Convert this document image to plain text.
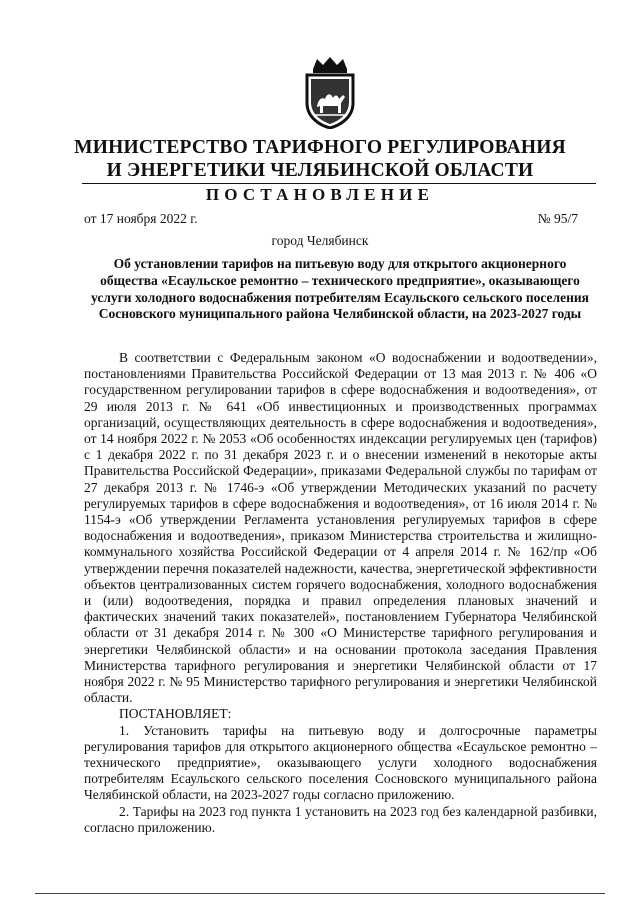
МИНИСТЕРСТВО ТАРИФНОГО РЕГУЛИРОВАНИЯ
И ЭНЕРГЕТИКИ ЧЕЛЯБИНСКОЙ ОБЛАСТИ
ПОСТАНОВЛЕНИЕ
от 17 ноября 2022 г.	№ 95/7
город Челябинск
Об установлении тарифов на питьевую воду для открытого акционерного общества «Есаульское ремонтно – технического предприятие», оказывающего услуги холодного водоснабжения потребителям Есаульского сельского поселения Сосновского муниципального района Челябинской области, на 2023-2027 годы

В соответствии с Федеральным законом «О водоснабжении и водоотведении», постановлениями Правительства Российской Федерации от 13 мая 2013 г. № 406 «О государственном регулировании тарифов в сфере водоснабжения и водоотведения», от 29 июля 2013 г. № 641 «Об инвестиционных и производственных программах организаций, осуществляющих деятельность в сфере водоснабжения и водоотведения», от 14 ноября 2022 г. № 2053 «Об особенностях индексации регулируемых цен (тарифов) с 1 декабря 2022 г. по 31 декабря 2023 г. и о внесении изменений в некоторые акты Правительства Российской Федерации», приказами Федеральной службы по тарифам от 27 декабря 2013 г. № 1746-э «Об утверждении Методических указаний по расчету регулируемых тарифов в сфере водоснабжения и водоотведения», от 16 июля 2014 г. № 1154-э «Об утверждении Регламента установления регулируемых тарифов в сфере водоснабжения и водоотведения», приказом Министерства строительства и жилищно-коммунального хозяйства Российской Федерации от 4 апреля 2014 г. № 162/пр «Об утверждении перечня показателей надежности, качества, энергетической эффективности объектов централизованных систем горячего водоснабжения, холодного водоснабжения и (или) водоотведения, порядка и правил определения плановых значений и фактических значений таких показателей», постановлением Губернатора Челябинской области от 31 декабря 2014 г. № 300 «О Министерстве тарифного регулирования и энергетики Челябинской области» и на основании протокола заседания Правления Министерства тарифного регулирования и энергетики Челябинской области от 17 ноября 2022 г. № 95 Министерство тарифного регулирования и энергетики Челябинской области.

ПОСТАНОВЛЯЕТ:

1. Установить тарифы на питьевую воду и долгосрочные параметры регулирования тарифов для открытого акционерного общества «Есаульское ремонтно – технического предприятие», оказывающего услуги холодного водоснабжения потребителям Есаульского сельского поселения Сосновского муниципального района Челябинской области, на 2023-2027 годы согласно приложению.

2. Тарифы на 2023 год пункта 1 установить на 2023 год без календарной разбивки, согласно приложению.
